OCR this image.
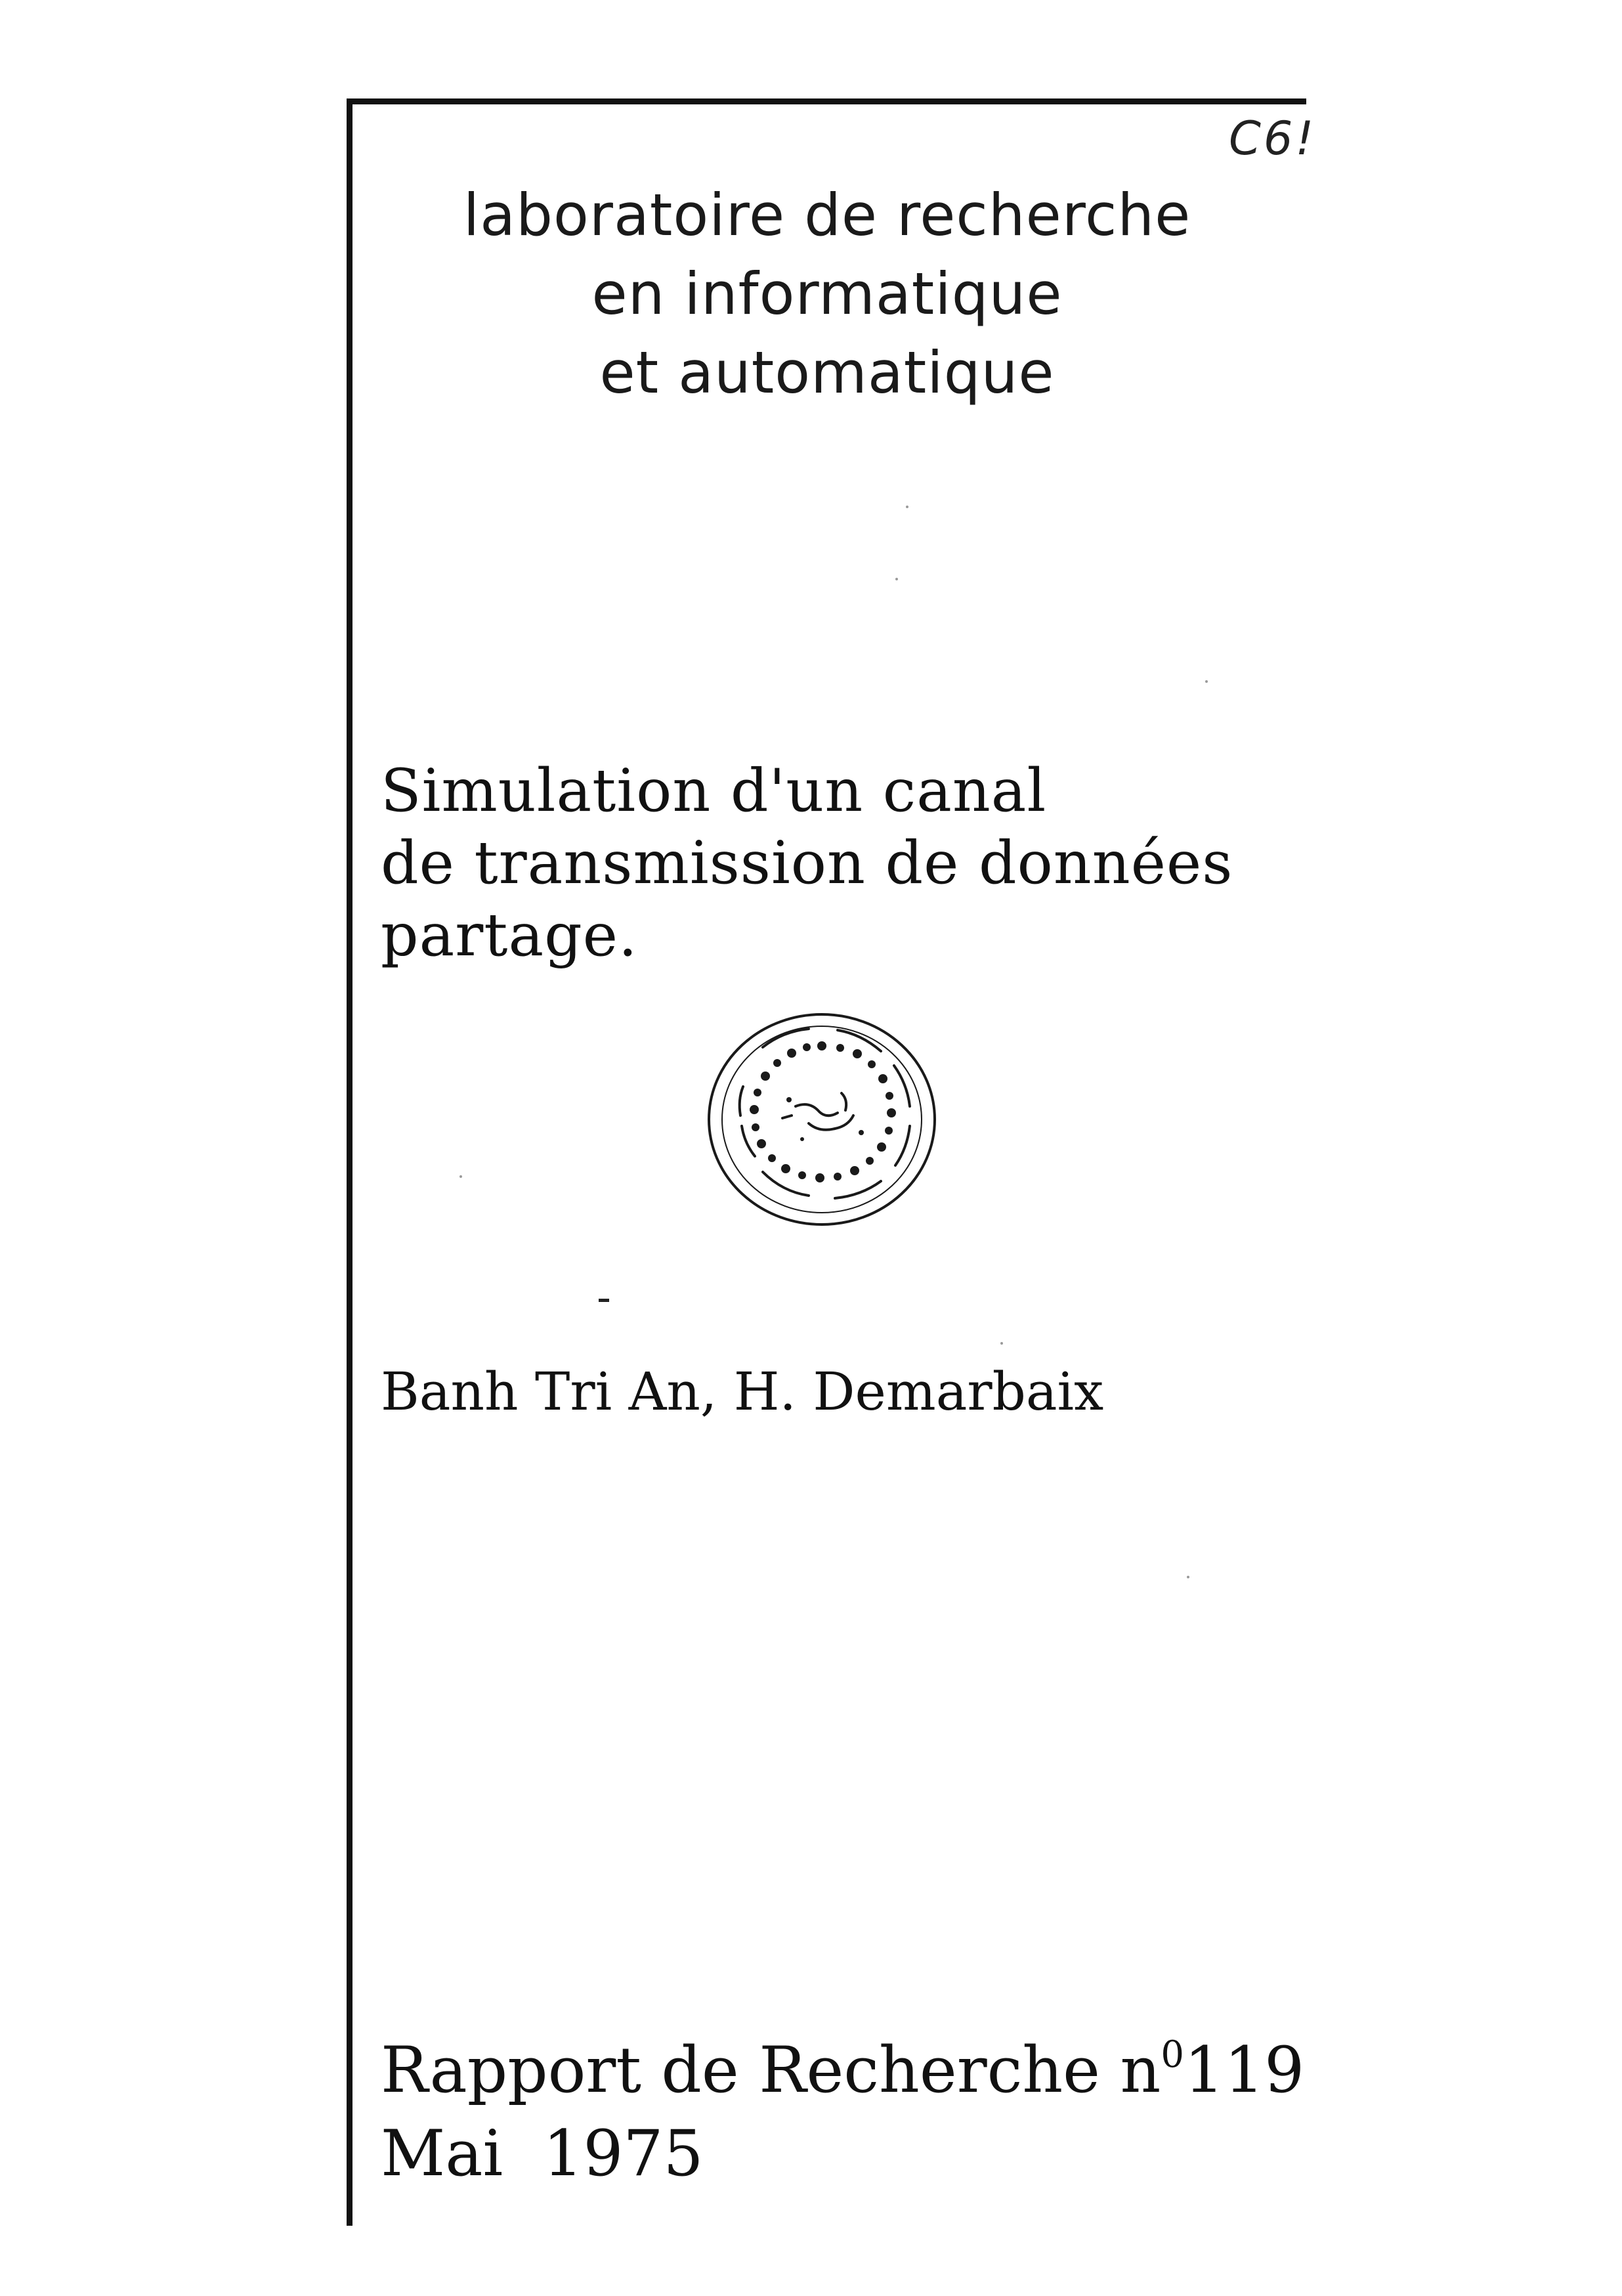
C6!
laboratoire de recherche
en informatique
et automatique
Simulation d'un canal
de transmission de données
partage.
Banh Tri An, H. Demarbaix
Rapport de Recherche $n^0119$
Mai  1975
